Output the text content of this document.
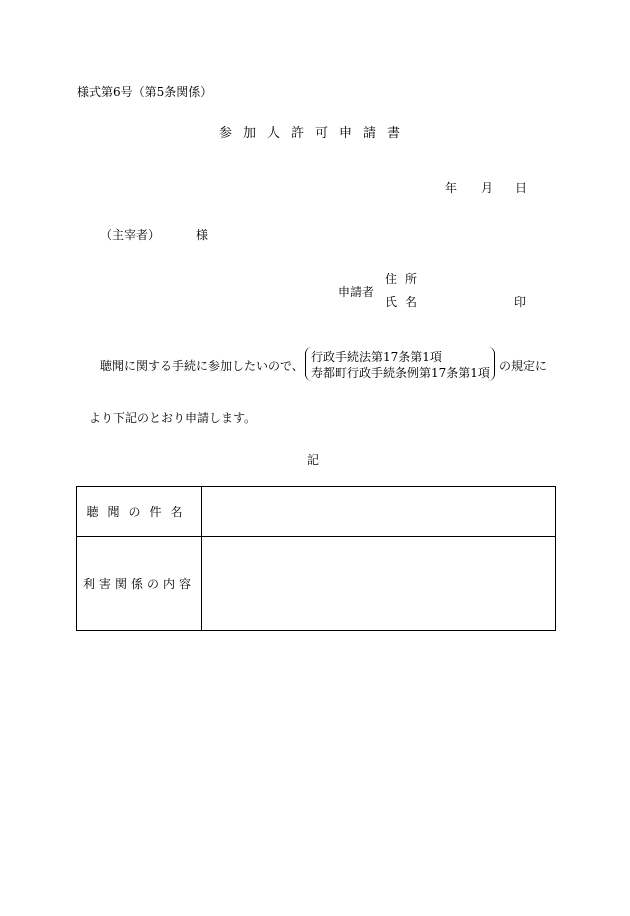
様式第6号（第5条関係）
参加人許可申請書
年 月 日
（主宰者）	様
申請者
住所
氏名	印
聴聞に関する手続に参加したいので、
行政手続法第17条第1項
寿都町行政手続条例第17条第1項 の規定に
より下記のとおり申請します。
記
聴聞の件名	
利害関係の内容	
